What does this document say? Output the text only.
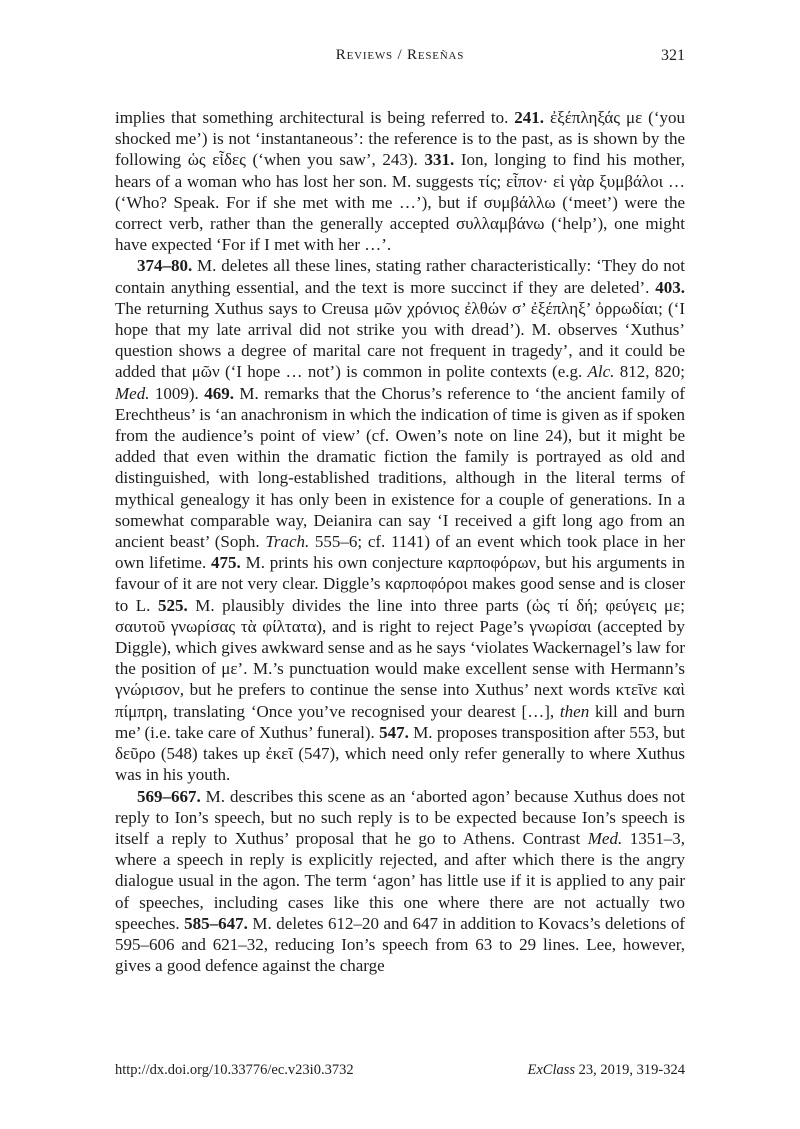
Reviews / Reseñas	321

implies that something architectural is being referred to. 241. ἐξέπληξάς με (‘you shocked me’) is not ‘instantaneous’: the reference is to the past, as is shown by the following ὡς εἶδες (‘when you saw’, 243). 331. Ion, longing to find his mother, hears of a woman who has lost her son. M. suggests τίς; εἶπον· εἰ γὰρ ξυμβάλοι … (‘Who? Speak. For if she met with me …’), but if συμβάλλω (‘meet’) were the correct verb, rather than the generally accepted συλλαμβάνω (‘help’), one might have expected ‘For if I met with her …’.

374–80. M. deletes all these lines, stating rather characteristically: ‘They do not contain anything essential, and the text is more succinct if they are deleted’. 403. The returning Xuthus says to Creusa μῶν χρόνιος ἐλθών σ’ ἐξέπληξ’ ὀρρωδίαι; (‘I hope that my late arrival did not strike you with dread’). M. observes ‘Xuthus’ question shows a degree of marital care not frequent in tragedy’, and it could be added that μῶν (‘I hope … not’) is common in polite contexts (e.g. Alc. 812, 820; Med. 1009). 469. M. remarks that the Chorus’s reference to ‘the ancient family of Erechtheus’ is ‘an anachronism in which the indication of time is given as if spoken from the audience’s point of view’ (cf. Owen’s note on line 24), but it might be added that even within the dramatic fiction the family is portrayed as old and distinguished, with long-established traditions, although in the literal terms of mythical genealogy it has only been in existence for a couple of generations. In a somewhat comparable way, Deianira can say ‘I received a gift long ago from an ancient beast’ (Soph. Trach. 555–6; cf. 1141) of an event which took place in her own lifetime. 475. M. prints his own conjecture καρποφόρων, but his arguments in favour of it are not very clear. Diggle’s καρποφόροι makes good sense and is closer to L. 525. M. plausibly divides the line into three parts (ὡς τί δή; φεύγεις με; σαυτοῦ γνωρίσας τὰ φίλτατα), and is right to reject Page’s γνωρίσαι (accepted by Diggle), which gives awkward sense and as he says ‘violates Wackernagel’s law for the position of με’. M.’s punctuation would make excellent sense with Hermann’s γνώρισον, but he prefers to continue the sense into Xuthus’ next words κτεῖνε καὶ πίμπρη, translating ‘Once you’ve recognised your dearest […], then kill and burn me’ (i.e. take care of Xuthus’ funeral). 547. M. proposes transposition after 553, but δεῦρο (548) takes up ἐκεῖ (547), which need only refer generally to where Xuthus was in his youth.

569–667. M. describes this scene as an ‘aborted agon’ because Xuthus does not reply to Ion’s speech, but no such reply is to be expected because Ion’s speech is itself a reply to Xuthus’ proposal that he go to Athens. Contrast Med. 1351–3, where a speech in reply is explicitly rejected, and after which there is the angry dialogue usual in the agon. The term ‘agon’ has little use if it is applied to any pair of speeches, including cases like this one where there are not actually two speeches. 585–647. M. deletes 612–20 and 647 in addition to Kovacs’s deletions of 595–606 and 621–32, reducing Ion’s speech from 63 to 29 lines. Lee, however, gives a good defence against the charge

http://dx.doi.org/10.33776/ec.v23i0.3732	ExClass 23, 2019, 319-324
